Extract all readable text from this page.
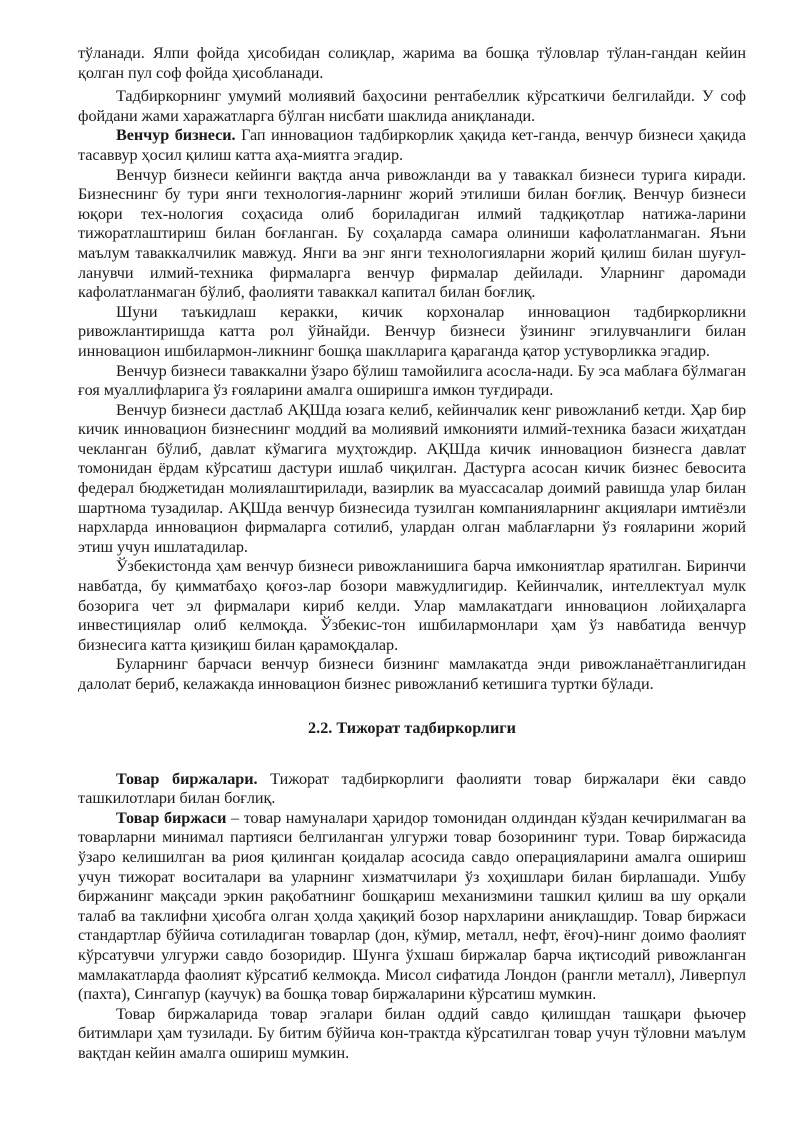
тўланади. Ялпи фойда ҳисобидан солиқлар, жарима ва бошқа тўловлар тўлан-гандан кейин қолган пул соф фойда ҳисобланади.

Тадбиркорнинг умумий молиявий баҳосини рентабеллик кўрсаткичи белгилайди. У соф фойдани жами харажатларга бўлган нисбати шаклида аниқланади.

Венчур бизнеси. Гап инновацион тадбиркорлик ҳақида кет-ганда, венчур бизнеси ҳақида тасаввур ҳосил қилиш катта аҳа-миятга эгадир.

Венчур бизнеси кейинги вақтда анча ривожланди ва у таваккал бизнеси турига киради. Бизнеснинг бу тури янги технология-ларнинг жорий этилиши билан боғлиқ. Венчур бизнеси юқори тех-нология соҳасида олиб бориладиган илмий тадқиқотлар натижа-ларини тижоратлаштириш билан боғланган. Бу соҳаларда самара олиниши кафолатланмаган. Яъни маълум таваккалчилик мавжуд. Янги ва энг янги технологияларни жорий қилиш билан шуғул-ланувчи илмий-техника фирмаларга венчур фирмалар дейилади. Уларнинг даромади кафолатланмаган бўлиб, фаолияти таваккал капитал билан боғлиқ.

Шуни таъкидлаш керакки, кичик корхоналар инновацион тадбиркорликни ривожлантиришда катта рол ўйнайди. Венчур бизнеси ўзининг эгилувчанлиги билан инновацион ишбилармон-ликнинг бошқа шаклларига қараганда қатор устуворликка эгадир.

Венчур бизнеси таваккални ўзаро бўлиш тамойилига асосла-нади. Бу эса маблаға бўлмаган ғоя муаллифларига ўз ғояларини амалга оширишга имкон туғдиради.

Венчур бизнеси дастлаб АҚШда юзага келиб, кейинчалик кенг ривожланиб кетди. Ҳар бир кичик инновацион бизнеснинг моддий ва молиявий имконияти илмий-техника базаси жиҳатдан чекланган бўлиб, давлат кўмагига муҳтождир. АҚШда кичик инновацион бизнесга давлат томонидан ёрдам кўрсатиш дастури ишлаб чиқилган. Дастурга асосан кичик бизнес бевосита федерал бюджетидан молиялаштирилади, вазирлик ва муассасалар доимий равишда улар билан шартнома тузадилар. АҚШда венчур бизнесида тузилган компанияларнинг акциялари имтиёзли нархларда инновацион фирмаларга сотилиб, улардан олган маблағларни ўз ғояларини жорий этиш учун ишлатадилар.

Ўзбекистонда ҳам венчур бизнеси ривожланишига барча имкониятлар яратилган. Биринчи навбатда, бу қимматбаҳо қоғоз-лар бозори мавжудлигидир. Кейинчалик, интеллектуал мулк бозорига чет эл фирмалари кириб келди. Улар мамлакатдаги инновацион лойиҳаларга инвестициялар олиб келмоқда. Ўзбекис-тон ишбилармонлари ҳам ўз навбатида венчур бизнесига катта қизиқиш билан қарамоқдалар.

Буларнинг барчаси венчур бизнеси бизнинг мамлакатда энди ривожланаётганлигидан далолат бериб, келажакда инновацион бизнес ривожланиб кетишига туртки бўлади.

2.2. Тижорат тадбиркорлиги

Товар биржалари. Тижорат тадбиркорлиги фаолияти товар биржалари ёки савдо ташкилотлари билан боғлиқ.

Товар биржаси – товар намуналари ҳаридор томонидан олдиндан кўздан кечирилмаган ва товарларни минимал партияси белгиланган улгуржи товар бозорининг тури. Товар биржасида ўзаро келишилган ва риоя қилинган қоидалар асосида савдо операцияларини амалга ошириш учун тижорат воситалари ва уларнинг хизматчилари ўз хоҳишлари билан бирлашади. Ушбу биржанинг мақсади эркин рақобатнинг бошқариш механизмини ташкил қилиш ва шу орқали талаб ва таклифни ҳисобга олган ҳолда ҳақиқий бозор нархларини аниқлашдир. Товар биржаси стандартлар бўйича сотиладиган товарлар (дон, кўмир, металл, нефт, ёғоч)-нинг доимо фаолият кўрсатувчи улгуржи савдо бозоридир. Шунга ўхшаш биржалар барча иқтисодий ривожланган мамлакатларда фаолият кўрсатиб келмоқда. Мисол сифатида Лондон (рангли металл), Ливерпул (пахта), Сингапур (каучук) ва бошқа товар биржаларини кўрсатиш мумкин.

Товар биржаларида товар эгалари билан оддий савдо қилишдан ташқари фьючер битимлари ҳам тузилади. Бу битим бўйича кон-трактда кўрсатилган товар учун тўловни маълум вақтдан кейин амалга ошириш мумкин.
